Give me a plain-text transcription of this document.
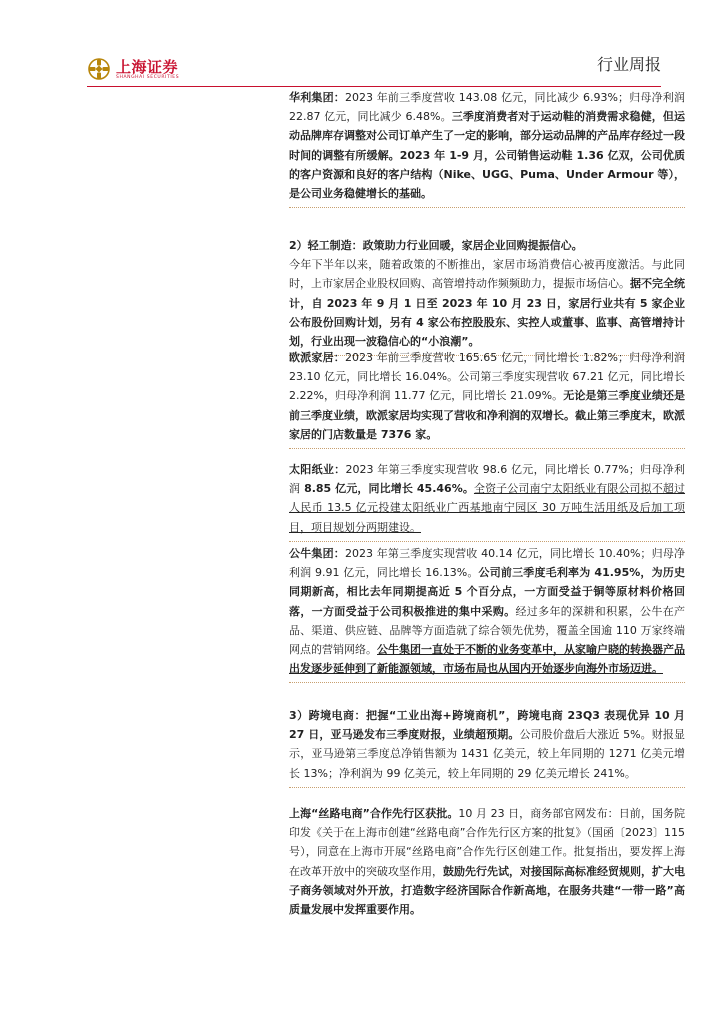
上海证券
SHANGHAI SECURITIES
行业周报
华利集团：2023 年前三季度营收 143.08 亿元，同比减少 6.93%；归母净利润 22.87 亿元，同比减少 6.48%。三季度消费者对于运动鞋的消费需求稳健，但运动品牌库存调整对公司订单产生了一定的影响，部分运动品牌的产品库存经过一段时间的调整有所缓解。2023 年 1-9 月，公司销售运动鞋 1.36 亿双，公司优质的客户资源和良好的客户结构（Nike、UGG、Puma、Under Armour 等），是公司业务稳健增长的基础。
2）轻工制造：政策助力行业回暖，家居企业回购提振信心。
今年下半年以来，随着政策的不断推出，家居市场消费信心被再度激活。与此同时，上市家居企业股权回购、高管增持动作频频助力，提振市场信心。据不完全统计，自 2023 年 9 月 1 日至 2023 年 10 月 23 日，家居行业共有 5 家企业公布股份回购计划，另有 4 家公布控股股东、实控人或董事、监事、高管增持计划，行业出现一波稳信心的“小浪潮”。
欧派家居：2023 年前三季度营收 165.65 亿元，同比增长 1.82%；归母净利润 23.10 亿元，同比增长 16.04%。公司第三季度实现营收 67.21 亿元，同比增长 2.22%，归母净利润 11.77 亿元，同比增长 21.09%。无论是第三季度业绩还是前三季度业绩，欧派家居均实现了营收和净利润的双增长。截止第三季度末，欧派家居的门店数量是 7376 家。
太阳纸业：2023 年第三季度实现营收 98.6 亿元，同比增长 0.77%；归母净利润 8.85 亿元，同比增长 45.46%。全资子公司南宁太阳纸业有限公司拟不超过人民币 13.5 亿元投建太阳纸业广西基地南宁园区 30 万吨生活用纸及后加工项目，项目规划分两期建设。
公牛集团：2023 年第三季度实现营收 40.14 亿元，同比增长 10.40%；归母净利润 9.91 亿元，同比增长 16.13%。公司前三季度毛利率为 41.95%，为历史同期新高，相比去年同期提高近 5 个百分点，一方面受益于铜等原材料价格回落，一方面受益于公司积极推进的集中采购。经过多年的深耕和积累，公牛在产品、渠道、供应链、品牌等方面造就了综合领先优势，覆盖全国逾 110 万家终端网点的营销网络。公牛集团一直处于不断的业务变革中，从家喻户晓的转换器产品出发逐步延伸到了新能源领域，市场布局也从国内开始逐步向海外市场迈进。
3）跨境电商：把握“工业出海+跨境商机”，跨境电商 23Q3 表现优异 10 月 27 日，亚马逊发布三季度财报，业绩超预期。公司股价盘后大涨近 5%。财报显示，亚马逊第三季度总净销售额为 1431 亿美元，较上年同期的 1271 亿美元增长 13%；净利润为 99 亿美元，较上年同期的 29 亿美元增长 241%。
上海“丝路电商”合作先行区获批。10 月 23 日，商务部官网发布：日前，国务院印发《关于在上海市创建“丝路电商”合作先行区方案的批复》（国函〔2023〕115 号），同意在上海市开展“丝路电商”合作先行区创建工作。批复指出，要发挥上海在改革开放中的突破攻坚作用，鼓励先行先试，对接国际高标准经贸规则，扩大电子商务领域对外开放，打造数字经济国际合作新高地，在服务共建“一带一路”高质量发展中发挥重要作用。
